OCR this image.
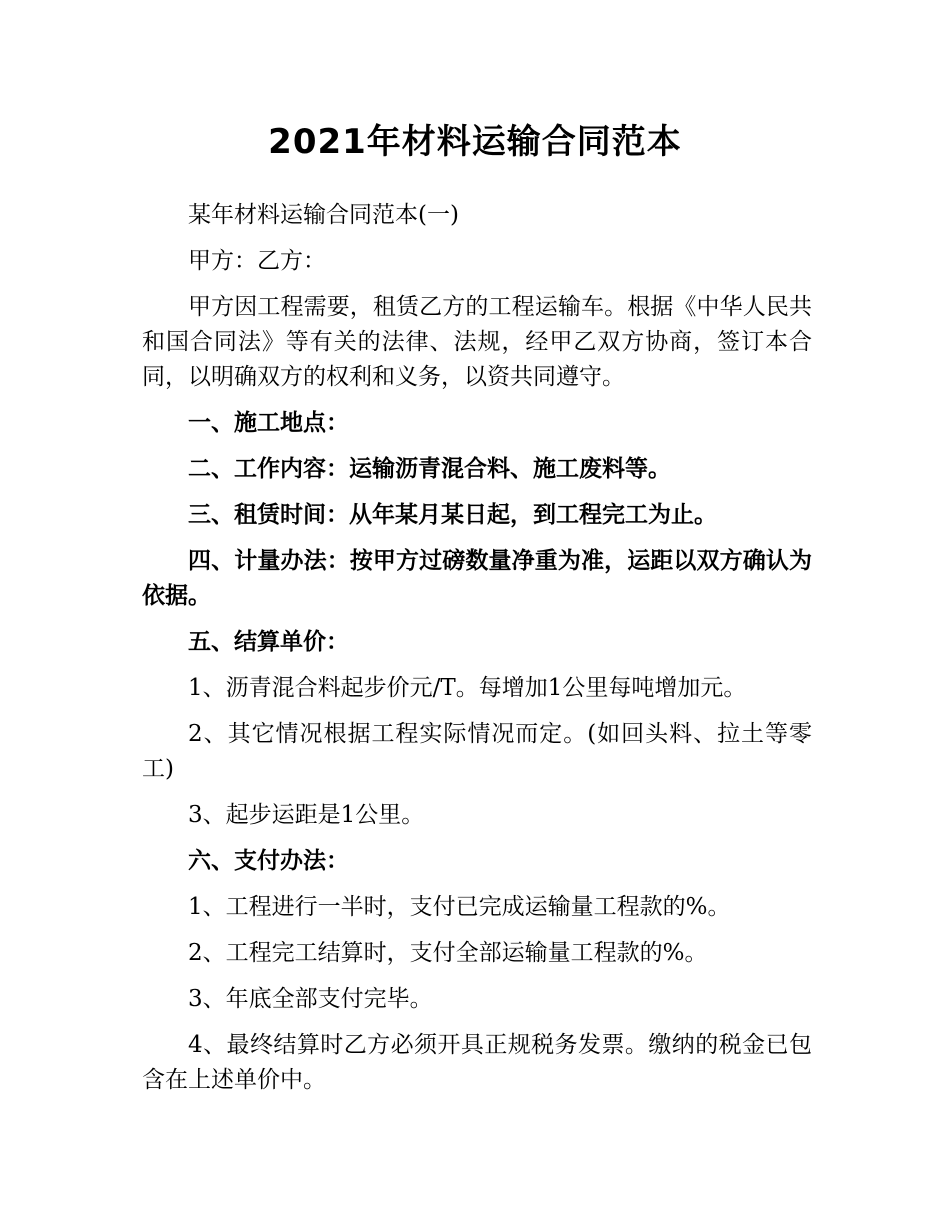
2021年材料运输合同范本

某年材料运输合同范本(一)

甲方：乙方：

甲方因工程需要，租赁乙方的工程运输车。根据《中华人民共和国合同法》等有关的法律、法规，经甲乙双方协商，签订本合同，以明确双方的权利和义务，以资共同遵守。

一、施工地点：

二、工作内容：运输沥青混合料、施工废料等。

三、租赁时间：从年某月某日起，到工程完工为止。

四、计量办法：按甲方过磅数量净重为准，运距以双方确认为依据。

五、结算单价：

1、沥青混合料起步价元/T。每增加1公里每吨增加元。

2、其它情况根据工程实际情况而定。(如回头料、拉土等零工)

3、起步运距是1公里。

六、支付办法：

1、工程进行一半时，支付已完成运输量工程款的%。

2、工程完工结算时，支付全部运输量工程款的%。

3、年底全部支付完毕。

4、最终结算时乙方必须开具正规税务发票。缴纳的税金已包含在上述单价中。
